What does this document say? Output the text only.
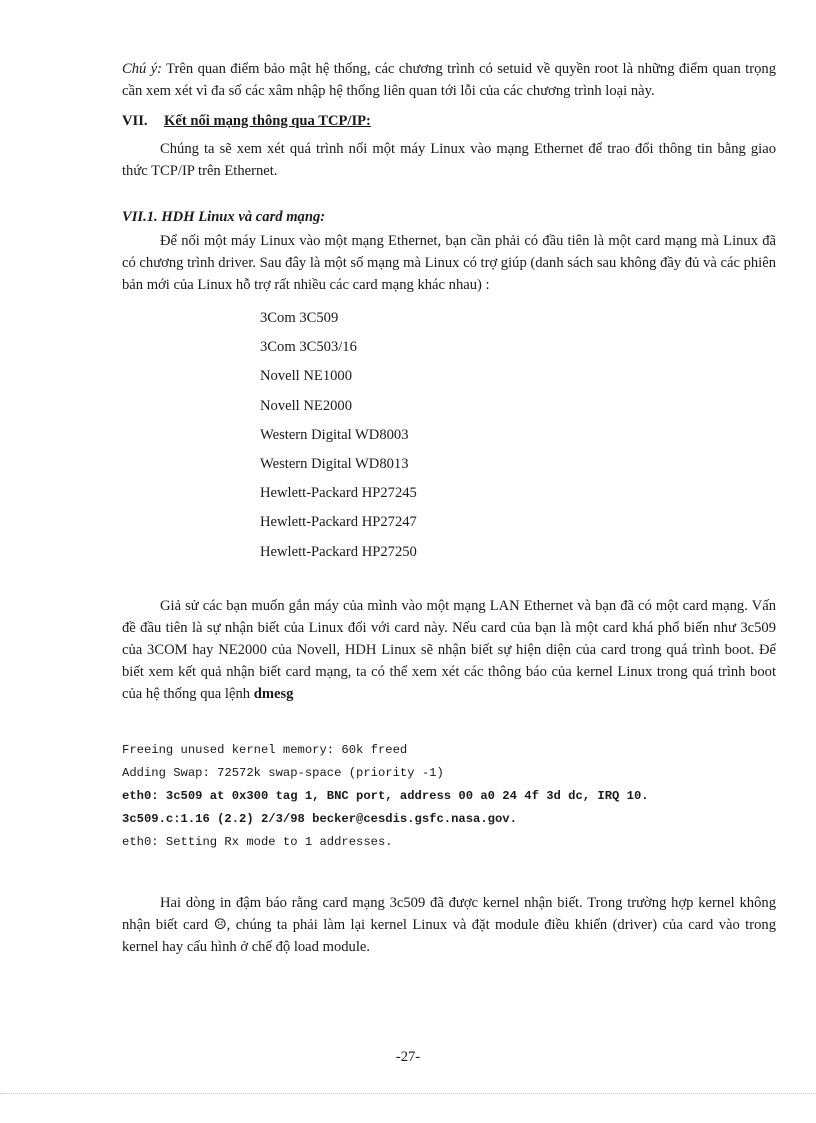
Chú ý: Trên quan điểm bảo mật hệ thống, các chương trình có setuid về quyền root là những điểm quan trọng cần xem xét vì đa số các xâm nhập hệ thống liên quan tới lỗi của các chương trình loại này.

VII. Kết nối mạng thông qua TCP/IP:

Chúng ta sẽ xem xét quá trình nối một máy Linux vào mạng Ethernet để trao đổi thông tin bằng giao thức TCP/IP trên Ethernet.

VII.1. HDH Linux và card mạng:

Để nối một máy Linux vào một mạng Ethernet, bạn cần phải có đầu tiên là một card mạng mà Linux đã có chương trình driver. Sau đây là một số mạng mà Linux có trợ giúp (danh sách sau không đầy đủ và các phiên bản mới của Linux hỗ trợ rất nhiều các card mạng khác nhau) :

3Com 3C509
3Com 3C503/16
Novell NE1000
Novell NE2000
Western Digital WD8003
Western Digital WD8013
Hewlett-Packard HP27245
Hewlett-Packard HP27247
Hewlett-Packard HP27250

Giả sử các bạn muốn gắn máy của mình vào một mạng LAN Ethernet và bạn đã có một card mạng. Vấn đề đầu tiên là sự nhận biết của Linux đối với card này. Nếu card của bạn là một card khá phổ biến như 3c509 của 3COM hay NE2000 của Novell, HDH Linux sẽ nhận biết sự hiện diện của card trong quá trình boot. Để biết xem kết quả nhận biết card mạng, ta có thể xem xét các thông báo của kernel Linux trong quá trình boot của hệ thống qua lệnh dmesg

Freeing unused kernel memory: 60k freed
Adding Swap: 72572k swap-space (priority -1)
eth0: 3c509 at 0x300 tag 1, BNC port, address 00 a0 24 4f 3d dc, IRQ 10.
3c509.c:1.16 (2.2) 2/3/98 becker@cesdis.gsfc.nasa.gov.
eth0: Setting Rx mode to 1 addresses.

Hai dòng in đậm báo rằng card mạng 3c509 đã được kernel nhận biết. Trong trường hợp kernel không nhận biết card ☹, chúng ta phải làm lại kernel Linux và đặt module điều khiển (driver) của card vào trong kernel hay cấu hình ở chế độ load module.

-27-
